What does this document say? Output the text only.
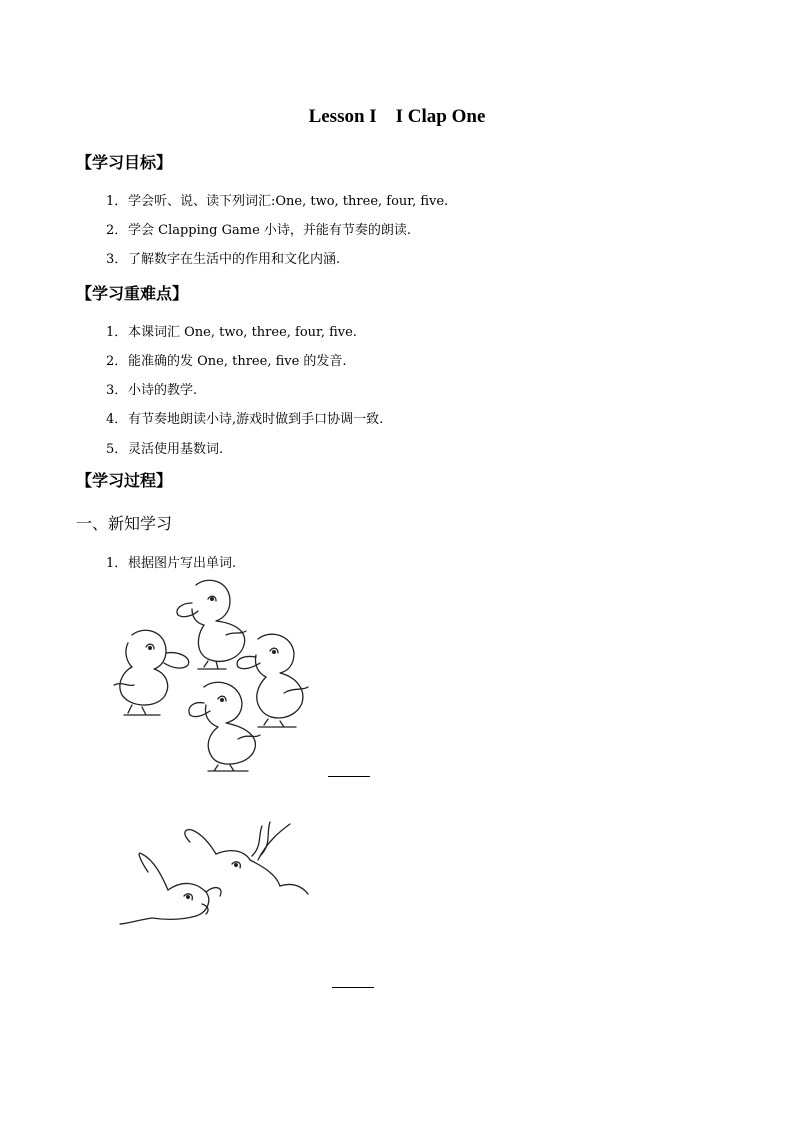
Lesson I    I Clap One
【学习目标】
1．学会听、说、读下列词汇:One, two, three, four, five.
2．学会 Clapping Game 小诗，并能有节奏的朗读.
3．了解数字在生活中的作用和文化内涵.
【学习重难点】
1．本课词汇 One, two, three, four, five.
2．能准确的发 One, three, five 的发音.
3．小诗的教学.
4．有节奏地朗读小诗,游戏时做到手口协调一致.
5．灵活使用基数词.
【学习过程】
一、新知学习
1．根据图片写出单词.
